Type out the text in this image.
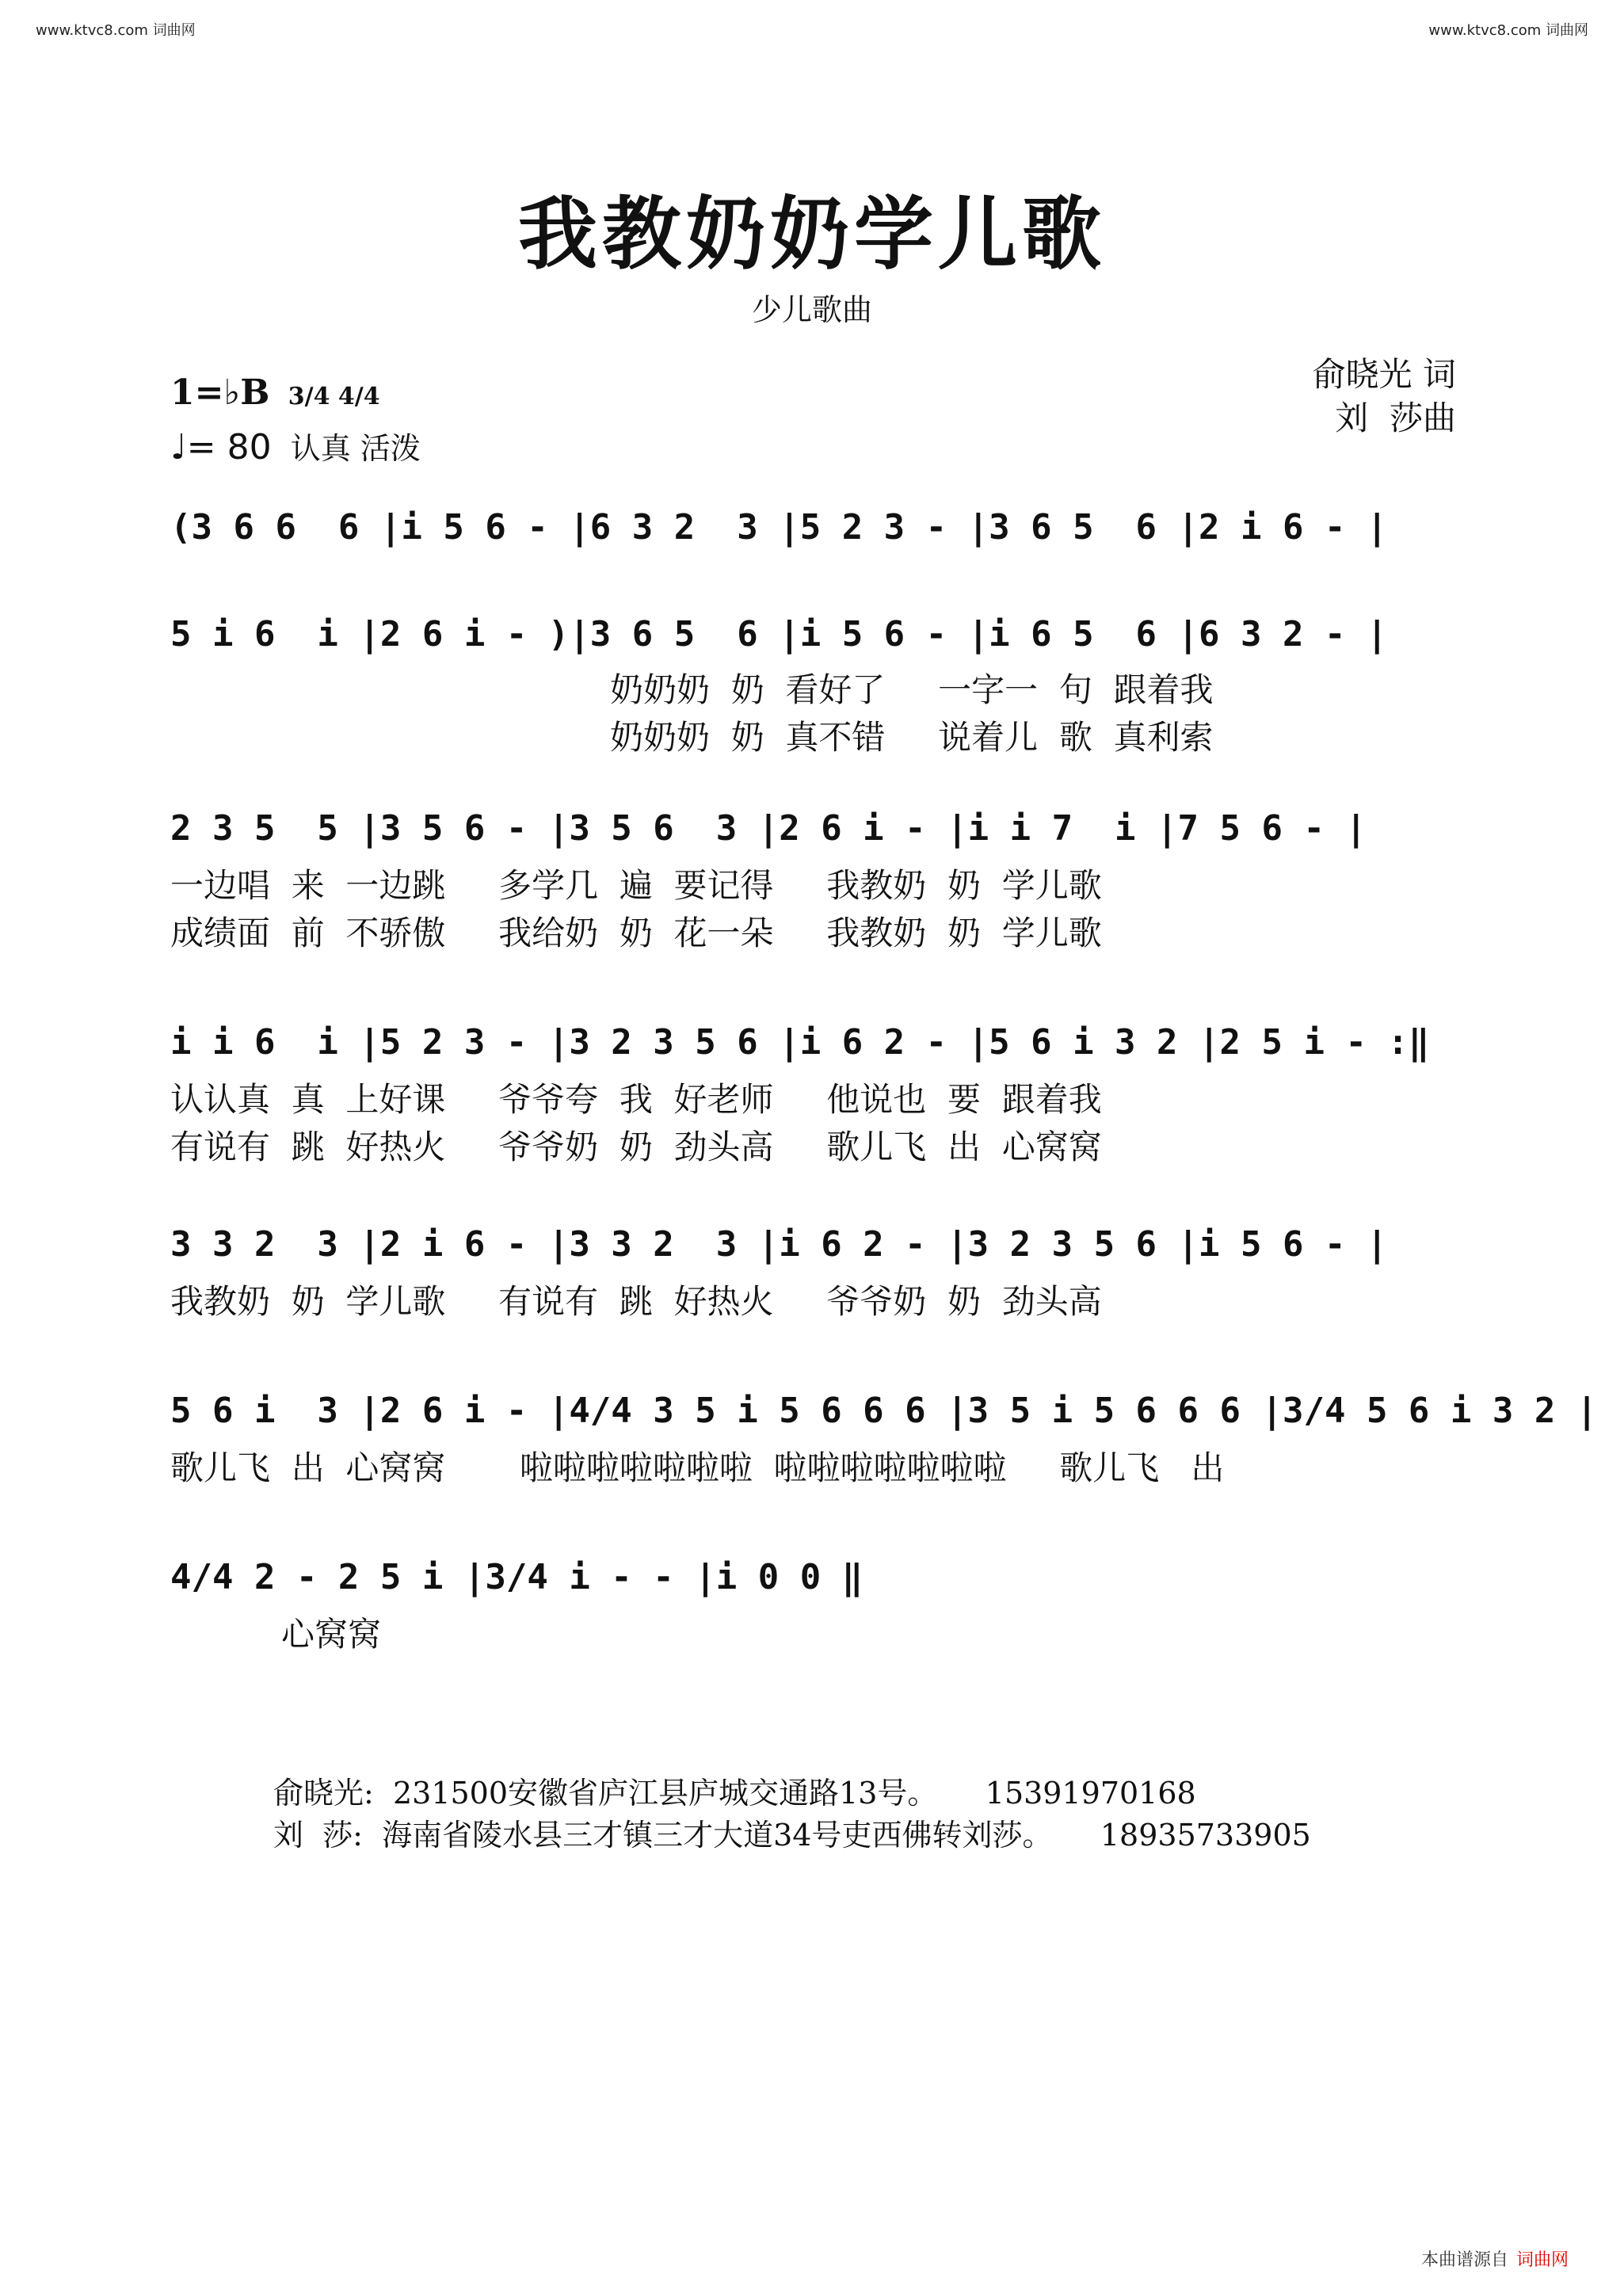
www.ktvc8.com 词曲网	www.ktvc8.com 词曲网
我教奶奶学儿歌
少儿歌曲
俞晓光 词
刘  莎曲
1=♭B 3/4 4/4
♩= 80 认真 活泼
(3 6 6  6 |i 5 6 - |6 3 2  3 |5 2 3 - |3 6 5  6 |2 i 6 - |
5 i 6  i |2 6 i - )|3 6 5  6 |i 5 6 - |i 6 5  6 |6 3 2 - |
奶奶奶  奶  看好了     一字一  句  跟着我
奶奶奶  奶  真不错     说着儿  歌  真利索
2 3 5  5 |3 5 6 - |3 5 6  3 |2 6 i - |i i 7  i |7 5 6 - |
一边唱  来  一边跳     多学几  遍  要记得     我教奶  奶  学儿歌
成绩面  前  不骄傲     我给奶  奶  花一朵     我教奶  奶  学儿歌
i i 6  i |5 2 3 - |3 2 3 5 6 |i 6 2 - |5 6 i 3 2 |2 5 i - :‖
认认真  真  上好课     爷爷夸  我  好老师     他说也  要  跟着我
有说有  跳  好热火     爷爷奶  奶  劲头高     歌儿飞  出  心窝窝
3 3 2  3 |2 i 6 - |3 3 2  3 |i 6 2 - |3 2 3 5 6 |i 5 6 - |
我教奶  奶  学儿歌     有说有  跳  好热火     爷爷奶  奶  劲头高
5 6 i  3 |2 6 i - |4/4 3 5 i 5 6 6 6 |3 5 i 5 6 6 6 |3/4 5 6 i 3 2 |
歌儿飞  出  心窝窝       啦啦啦啦啦啦啦  啦啦啦啦啦啦啦     歌儿飞   出
4/4 2 - 2 5 i |3/4 i - - |i 0 0 ‖
心窝窝
俞晓光:  231500安徽省庐江县庐城交通路13号。     15391970168
刘  莎:  海南省陵水县三才镇三才大道34号吏西佛转刘莎。     18935733905
本曲谱源自 词曲网
